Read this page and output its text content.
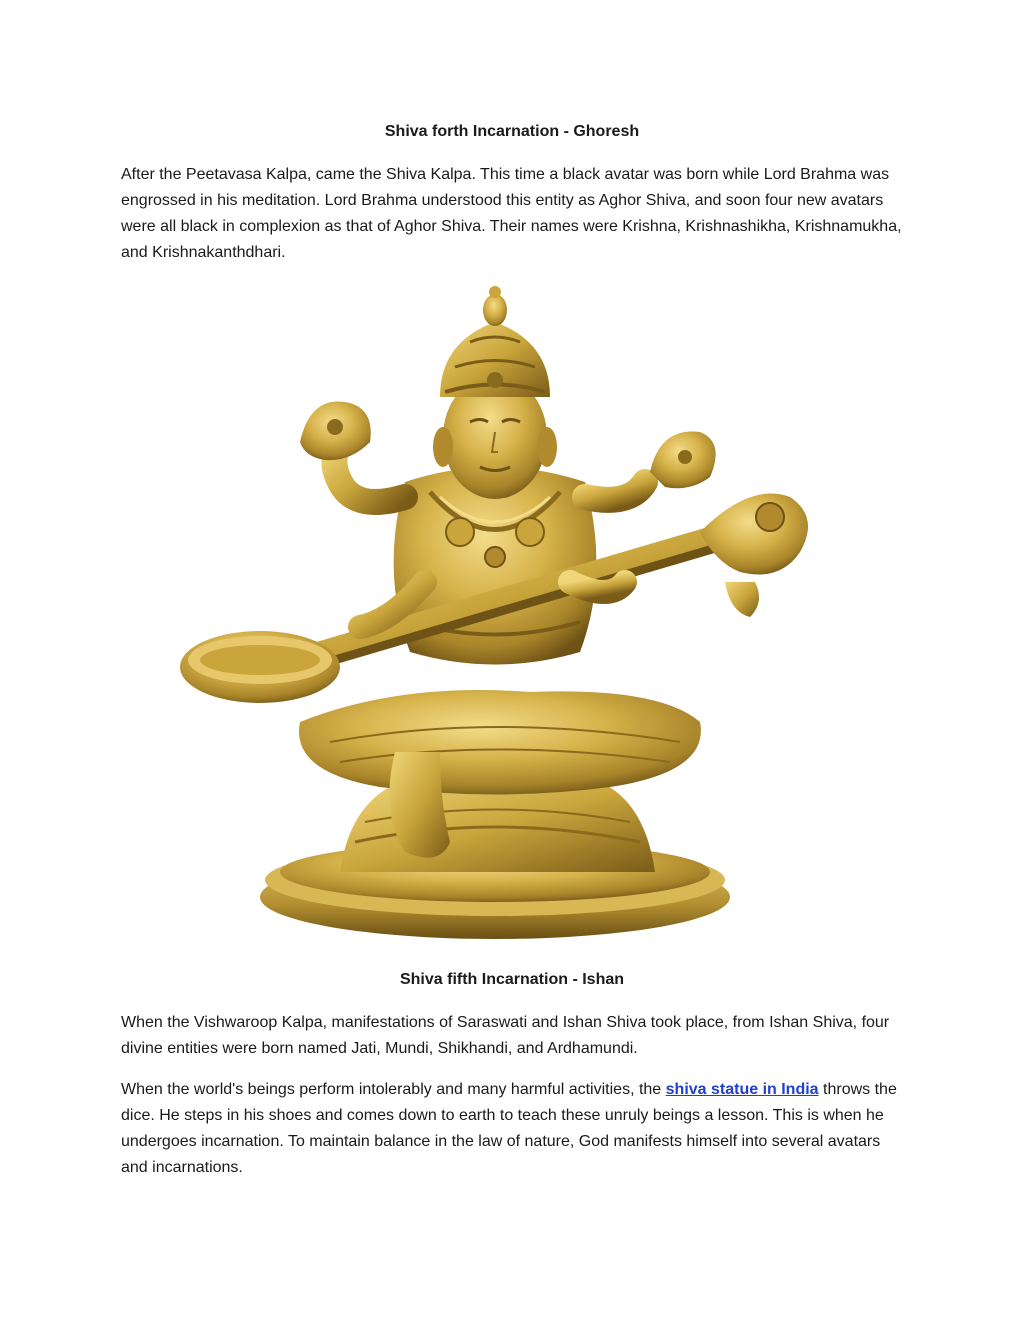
Shiva forth Incarnation - Ghoresh

After the Peetavasa Kalpa, came the Shiva Kalpa. This time a black avatar was born while Lord Brahma was engrossed in his meditation. Lord Brahma understood this entity as Aghor Shiva, and soon four new avatars were all black in complexion as that of Aghor Shiva. Their names were Krishna, Krishnashikha, Krishnamukha, and Krishnakanthdhari.

Shiva fifth Incarnation - Ishan

When the Vishwaroop Kalpa, manifestations of Saraswati and Ishan Shiva took place, from Ishan Shiva, four divine entities were born named Jati, Mundi, Shikhandi, and Ardhamundi.

When the world's beings perform intolerably and many harmful activities, the shiva statue in India throws the dice. He steps in his shoes and comes down to earth to teach these unruly beings a lesson. This is when he undergoes incarnation. To maintain balance in the law of nature, God manifests himself into several avatars and incarnations.
